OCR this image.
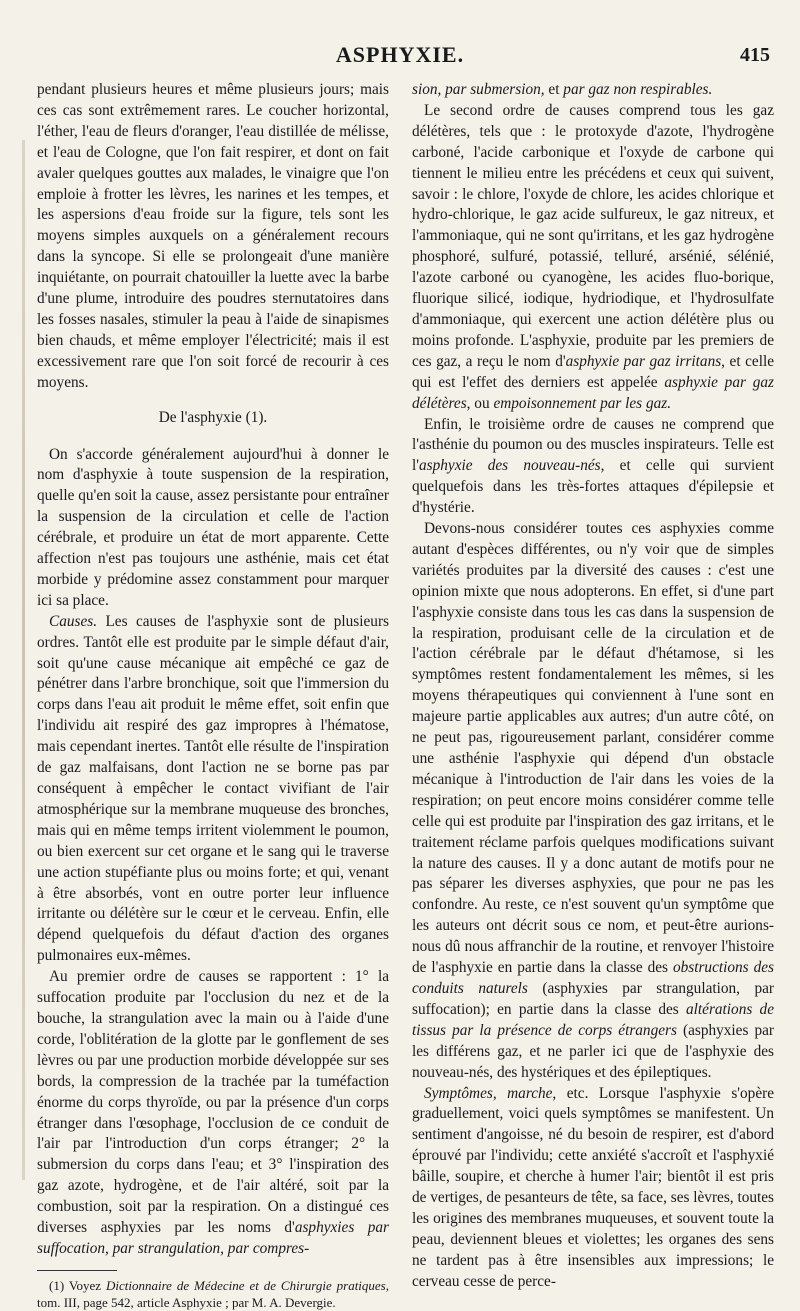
ASPHYXIE.	415

pendant plusieurs heures et même plusieurs jours; mais ces cas sont extrêmement rares. Le coucher horizontal, l'éther, l'eau de fleurs d'oranger, l'eau distillée de mélisse, et l'eau de Cologne, que l'on fait respirer, et dont on fait avaler quelques gouttes aux malades, le vinaigre que l'on emploie à frotter les lèvres, les narines et les tempes, et les aspersions d'eau froide sur la figure, tels sont les moyens simples auxquels on a généralement recours dans la syncope. Si elle se prolongeait d'une manière inquiétante, on pourrait chatouiller la luette avec la barbe d'une plume, introduire des poudres sternutatoires dans les fosses nasales, stimuler la peau à l'aide de sinapismes bien chauds, et même employer l'électricité; mais il est excessivement rare que l'on soit forcé de recourir à ces moyens.

De l'asphyxie (1).

On s'accorde généralement aujourd'hui à donner le nom d'asphyxie à toute suspension de la respiration, quelle qu'en soit la cause, assez persistante pour entraîner la suspension de la circulation et celle de l'action cérébrale, et produire un état de mort apparente. Cette affection n'est pas toujours une asthénie, mais cet état morbide y prédomine assez constamment pour marquer ici sa place.

Causes. Les causes de l'asphyxie sont de plusieurs ordres. Tantôt elle est produite par le simple défaut d'air, soit qu'une cause mécanique ait empêché ce gaz de pénétrer dans l'arbre bronchique, soit que l'immersion du corps dans l'eau ait produit le même effet, soit enfin que l'individu ait respiré des gaz impropres à l'hématose, mais cependant inertes. Tantôt elle résulte de l'inspiration de gaz malfaisans, dont l'action ne se borne pas par conséquent à empêcher le contact vivifiant de l'air atmosphérique sur la membrane muqueuse des bronches, mais qui en même temps irritent violemment le poumon, ou bien exercent sur cet organe et le sang qui le traverse une action stupéfiante plus ou moins forte; et qui, venant à être absorbés, vont en outre porter leur influence irritante ou délétère sur le cœur et le cerveau. Enfin, elle dépend quelquefois du défaut d'action des organes pulmonaires eux-mêmes.

Au premier ordre de causes se rapportent : 1° la suffocation produite par l'occlusion du nez et de la bouche, la strangulation avec la main ou à l'aide d'une corde, l'oblitération de la glotte par le gonflement de ses lèvres ou par une production morbide développée sur ses bords, la compression de la trachée par la tuméfaction énorme du corps thyroïde, ou par la présence d'un corps étranger dans l'œsophage, l'occlusion de ce conduit de l'air par l'introduction d'un corps étranger; 2° la submersion du corps dans l'eau; et 3° l'inspiration des gaz azote, hydrogène, et de l'air altéré, soit par la combustion, soit par la respiration. On a distingué ces diverses asphyxies par les noms d'asphyxies par suffocation, par strangulation, par compres-

(1) Voyez Dictionnaire de Médecine et de Chirurgie pratiques, tom. III, page 542, article Asphyxie ; par M. A. Devergie.

sion, par submersion, et par gaz non respirables.

Le second ordre de causes comprend tous les gaz délétères, tels que : le protoxyde d'azote, l'hydrogène carboné, l'acide carbonique et l'oxyde de carbone qui tiennent le milieu entre les précédens et ceux qui suivent, savoir : le chlore, l'oxyde de chlore, les acides chlorique et hydro-chlorique, le gaz acide sulfureux, le gaz nitreux, et l'ammoniaque, qui ne sont qu'irritans, et les gaz hydrogène phosphoré, sulfuré, potassié, telluré, arsénié, sélénié, l'azote carboné ou cyanogène, les acides fluo-borique, fluorique silicé, iodique, hydriodique, et l'hydrosulfate d'ammoniaque, qui exercent une action délétère plus ou moins profonde. L'asphyxie, produite par les premiers de ces gaz, a reçu le nom d'asphyxie par gaz irritans, et celle qui est l'effet des derniers est appelée asphyxie par gaz délétères, ou empoisonnement par les gaz.

Enfin, le troisième ordre de causes ne comprend que l'asthénie du poumon ou des muscles inspirateurs. Telle est l'asphyxie des nouveau-nés, et celle qui survient quelquefois dans les très-fortes attaques d'épilepsie et d'hystérie.

Devons-nous considérer toutes ces asphyxies comme autant d'espèces différentes, ou n'y voir que de simples variétés produites par la diversité des causes : c'est une opinion mixte que nous adopterons. En effet, si d'une part l'asphyxie consiste dans tous les cas dans la suspension de la respiration, produisant celle de la circulation et de l'action cérébrale par le défaut d'hétamose, si les symptômes restent fondamentalement les mêmes, si les moyens thérapeutiques qui conviennent à l'une sont en majeure partie applicables aux autres; d'un autre côté, on ne peut pas, rigoureusement parlant, considérer comme une asthénie l'asphyxie qui dépend d'un obstacle mécanique à l'introduction de l'air dans les voies de la respiration; on peut encore moins considérer comme telle celle qui est produite par l'inspiration des gaz irritans, et le traitement réclame parfois quelques modifications suivant la nature des causes. Il y a donc autant de motifs pour ne pas séparer les diverses asphyxies, que pour ne pas les confondre. Au reste, ce n'est souvent qu'un symptôme que les auteurs ont décrit sous ce nom, et peut-être aurions-nous dû nous affranchir de la routine, et renvoyer l'histoire de l'asphyxie en partie dans la classe des obstructions des conduits naturels (asphyxies par strangulation, par suffocation); en partie dans la classe des altérations de tissus par la présence de corps étrangers (asphyxies par les différens gaz, et ne parler ici que de l'asphyxie des nouveau-nés, des hystériques et des épileptiques.

Symptômes, marche, etc. Lorsque l'asphyxie s'opère graduellement, voici quels symptômes se manifestent. Un sentiment d'angoisse, né du besoin de respirer, est d'abord éprouvé par l'individu; cette anxiété s'accroît et l'asphyxié bâille, soupire, et cherche à humer l'air; bientôt il est pris de vertiges, de pesanteurs de tête, sa face, ses lèvres, toutes les origines des membranes muqueuses, et souvent toute la peau, deviennent bleues et violettes; les organes des sens ne tardent pas à être insensibles aux impressions; le cerveau cesse de perce-
